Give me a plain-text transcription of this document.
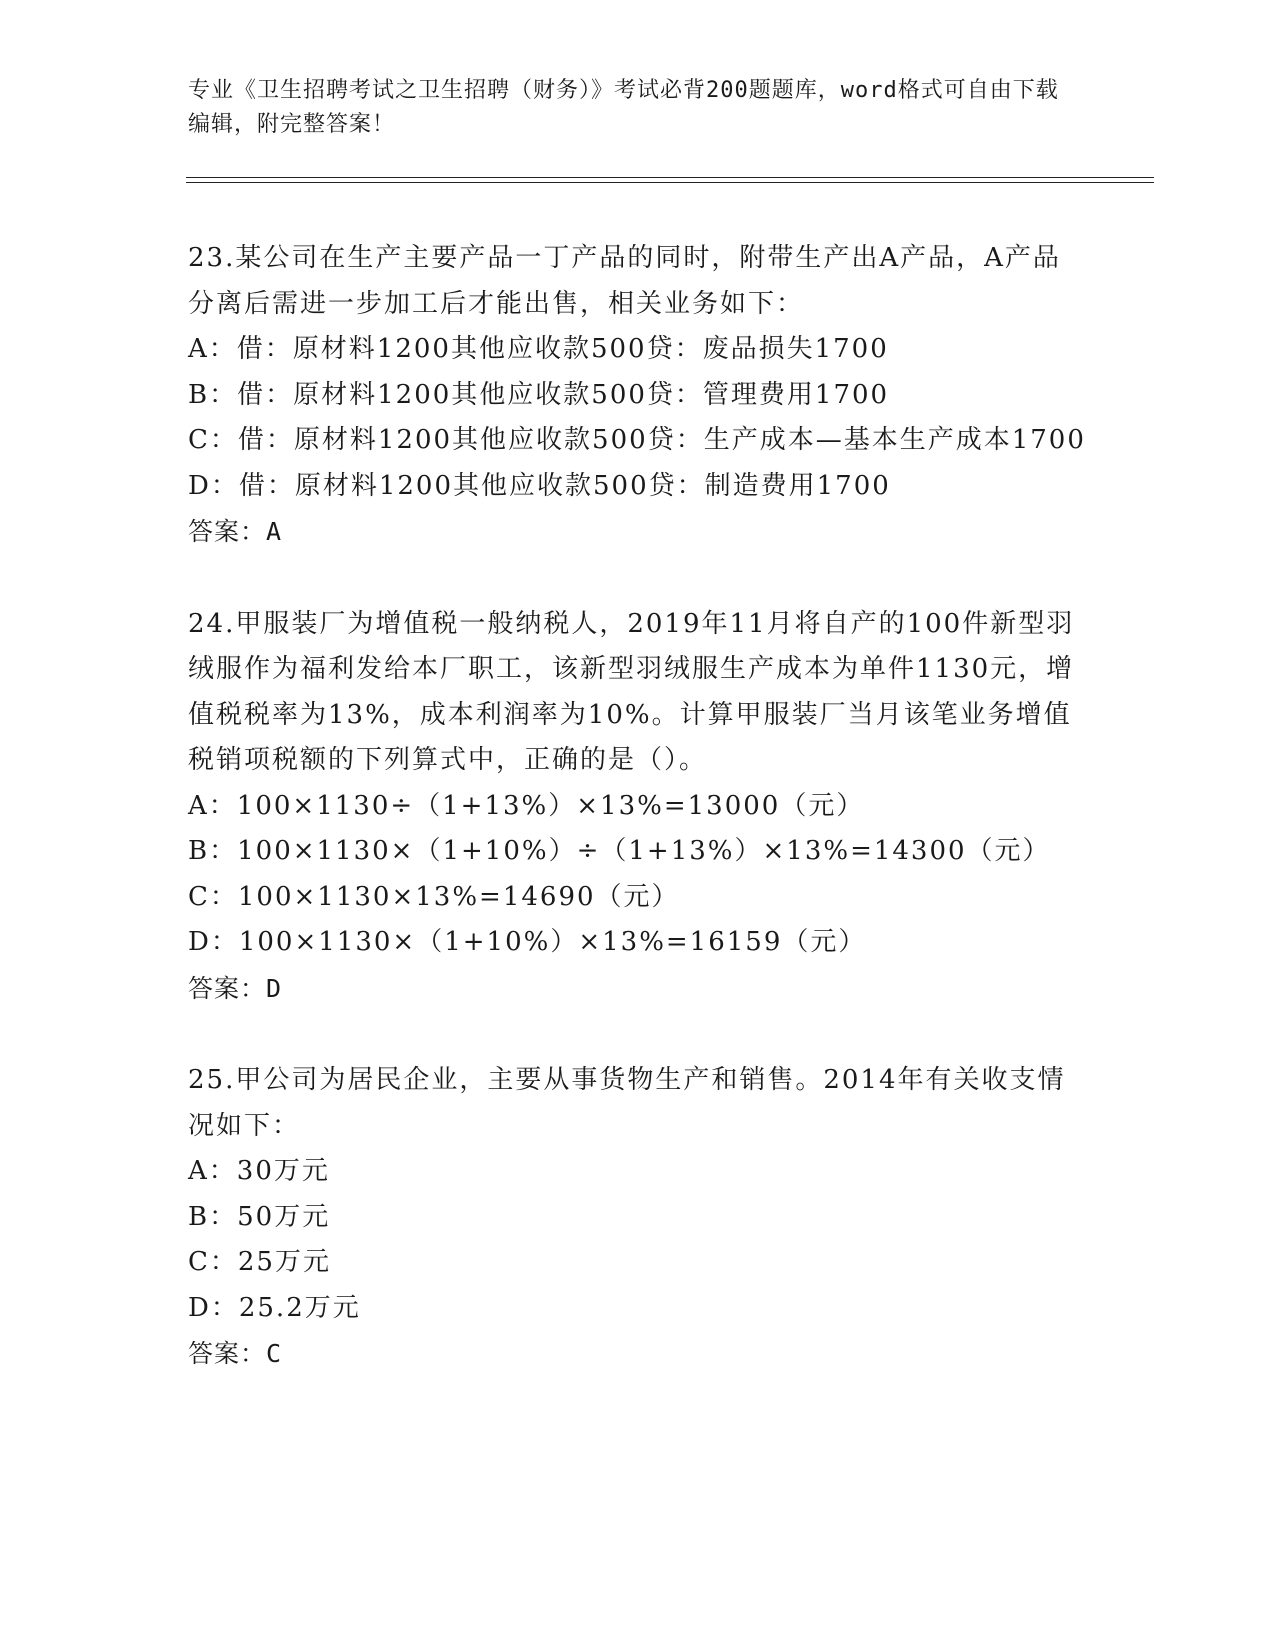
专业《卫生招聘考试之卫生招聘（财务）》考试必背200题题库，word格式可自由下载编辑，附完整答案！
23.某公司在生产主要产品一丁产品的同时，附带生产出A产品，A产品分离后需进一步加工后才能出售，相关业务如下：
A：借：原材料1200其他应收款500贷：废品损失1700
B：借：原材料1200其他应收款500贷：管理费用1700
C：借：原材料1200其他应收款500贷：生产成本—基本生产成本1700
D：借：原材料1200其他应收款500贷：制造费用1700
答案：A
24.甲服装厂为增值税一般纳税人，2019年11月将自产的100件新型羽绒服作为福利发给本厂职工，该新型羽绒服生产成本为单件1130元，增值税税率为13%，成本利润率为10%。计算甲服装厂当月该笔业务增值税销项税额的下列算式中，正确的是（）。
A：100×1130÷（1+13%）×13%=13000（元）
B：100×1130×（1+10%）÷（1+13%）×13%=14300（元）
C：100×1130×13%=14690（元）
D：100×1130×（1+10%）×13%=16159（元）
答案：D
25.甲公司为居民企业，主要从事货物生产和销售。2014年有关收支情况如下：
A：30万元
B：50万元
C：25万元
D：25.2万元
答案：C
